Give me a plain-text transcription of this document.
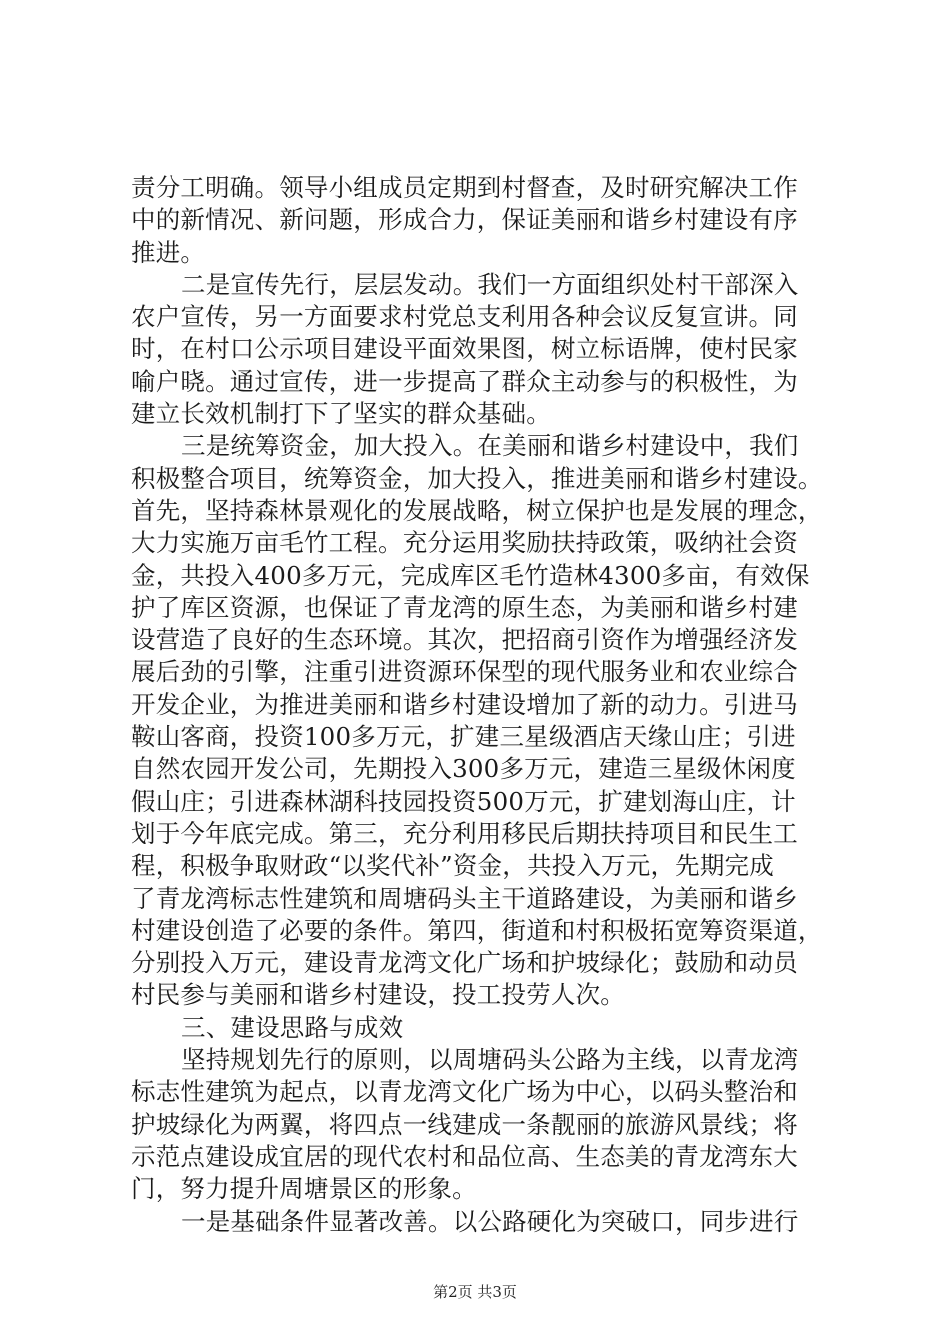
责分工明确。领导小组成员定期到村督查，及时研究解决工作
中的新情况、新问题，形成合力，保证美丽和谐乡村建设有序
推进。
二是宣传先行，层层发动。我们一方面组织处村干部深入
农户宣传，另一方面要求村党总支利用各种会议反复宣讲。同
时，在村口公示项目建设平面效果图，树立标语牌，使村民家
喻户晓。通过宣传，进一步提高了群众主动参与的积极性，为
建立长效机制打下了坚实的群众基础。
三是统筹资金，加大投入。在美丽和谐乡村建设中，我们
积极整合项目，统筹资金，加大投入，推进美丽和谐乡村建设。
首先，坚持森林景观化的发展战略，树立保护也是发展的理念，
大力实施万亩毛竹工程。充分运用奖励扶持政策，吸纳社会资
金，共投入400多万元，完成库区毛竹造林4300多亩，有效保
护了库区资源，也保证了青龙湾的原生态，为美丽和谐乡村建
设营造了良好的生态环境。其次，把招商引资作为增强经济发
展后劲的引擎，注重引进资源环保型的现代服务业和农业综合
开发企业，为推进美丽和谐乡村建设增加了新的动力。引进马
鞍山客商，投资100多万元，扩建三星级酒店天缘山庄；引进
自然农园开发公司，先期投入300多万元，建造三星级休闲度
假山庄；引进森林湖科技园投资500万元，扩建划海山庄，计
划于今年底完成。第三，充分利用移民后期扶持项目和民生工
程，积极争取财政“以奖代补”资金，共投入万元，先期完成
了青龙湾标志性建筑和周塘码头主干道路建设，为美丽和谐乡
村建设创造了必要的条件。第四，街道和村积极拓宽筹资渠道，
分别投入万元，建设青龙湾文化广场和护坡绿化；鼓励和动员
村民参与美丽和谐乡村建设，投工投劳人次。
三、建设思路与成效
坚持规划先行的原则，以周塘码头公路为主线，以青龙湾
标志性建筑为起点，以青龙湾文化广场为中心，以码头整治和
护坡绿化为两翼，将四点一线建成一条靓丽的旅游风景线；将
示范点建设成宜居的现代农村和品位高、生态美的青龙湾东大
门，努力提升周塘景区的形象。
一是基础条件显著改善。以公路硬化为突破口，同步进行
第2页 共3页
